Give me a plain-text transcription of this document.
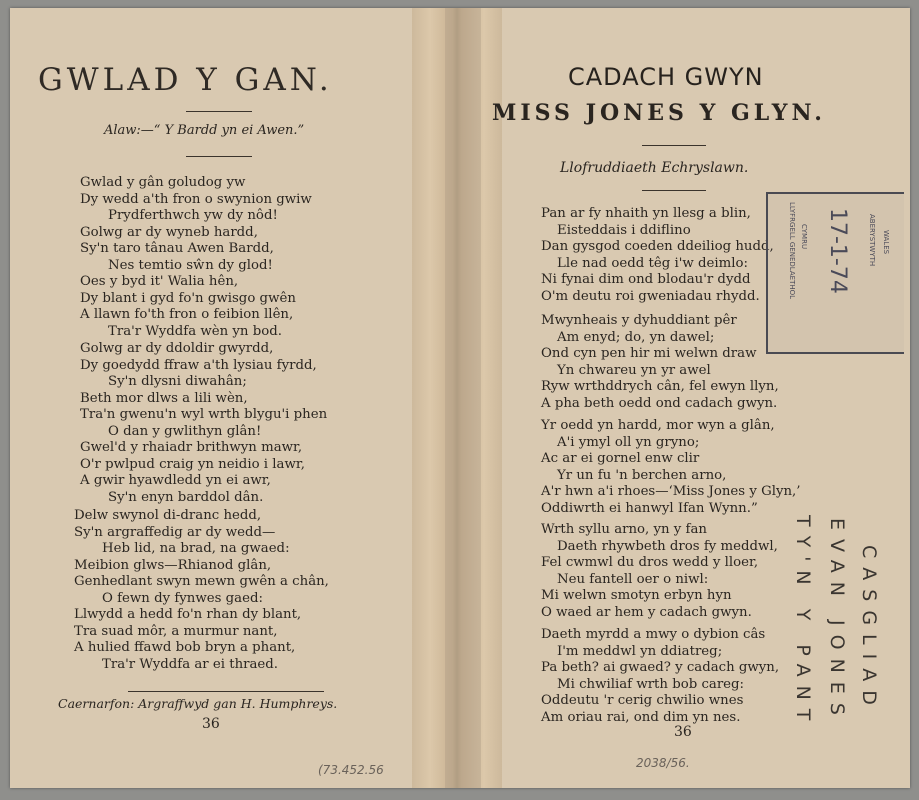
GWLAD Y GAN.
Alaw:—“ Y Bardd yn ei Awen.”
Gwlad y gân goludog yw
Dy wedd a'th fron o swynion gwiw
Prydferthwch yw dy nôd!
Golwg ar dy wyneb hardd,
Sy'n taro tânau Awen Bardd,
Nes temtio sŵn dy glod!
Oes y byd it' Walia hên,
Dy blant i gyd fo'n gwisgo gwên
A llawn fo'th fron o feibion llên,
Tra'r Wyddfa wèn yn bod.
Golwg ar dy ddoldir gwyrdd,
Dy goedydd ffraw a'th lysiau fyrdd,
Sy'n dlysni diwahân;
Beth mor dlws a lili wèn,
Tra'n gwenu'n wyl wrth blygu'i phen
O dan y gwlithyn glân!
Gwel'd y rhaiadr brithwyn mawr,
O'r pwlpud craig yn neidio i lawr,
A gwir hyawdledd yn ei awr,
Sy'n enyn barddol dân.
Delw swynol di-dranc hedd,
Sy'n argraffedig ar dy wedd—
Heb lid, na brad, na gwaed:
Meibion glws—Rhianod glân,
Genhedlant swyn mewn gwên a chân,
O fewn dy fynwes gaed:
Llwydd a hedd fo'n rhan dy blant,
Tra suad môr, a murmur nant,
A hulied ffawd bob bryn a phant,
Tra'r Wyddfa ar ei thraed.
Caernarfon: Argraffwyd gan H. Humphreys.
36
(73.452.56
CADACH GWYN
MISS JONES Y GLYN.
Llofruddiaeth Echryslawn.
Pan ar fy nhaith yn llesg a blin,
Eisteddais i ddiflino
Dan gysgod coeden ddeiliog hudd,
Lle nad oedd têg i'w deimlo:
Ni fynai dim ond blodau'r dydd
O'm deutu roi gweniadau rhydd.
Mwynheais y dyhuddiant pêr
Am enyd; do, yn dawel;
Ond cyn pen hir mi welwn draw
Yn chwareu yn yr awel
Ryw wrthddrych cân, fel ewyn llyn,
A pha beth oedd ond cadach gwyn.
Yr oedd yn hardd, mor wyn a glân,
A'i ymyl oll yn gryno;
Ac ar ei gornel enw clir
Yr un fu 'n berchen arno,
A'r hwn a'i rhoes—‘Miss Jones y Glyn,’
Oddiwrth ei hanwyl Ifan Wynn.”
Wrth syllu arno, yn y fan
Daeth rhywbeth dros fy meddwl,
Fel cwmwl du dros wedd y lloer,
Neu fantell oer o niwl:
Mi welwn smotyn erbyn hyn
O waed ar hem y cadach gwyn.
Daeth myrdd a mwy o dybion câs
I'm meddwl yn ddiatreg;
Pa beth? ai gwaed? y cadach gwyn,
Mi chwiliaf wrth bob careg:
Oddeutu 'r cerig chwilio wnes
Am oriau rai, ond dim yn nes.
36
2038/56.
17-1-74
LLYFRGELL GENEDLAETHOL CYMRU	ABERYSTWYTH WALES
CASGLIAD
EVAN JONES
TY'N Y PANT
